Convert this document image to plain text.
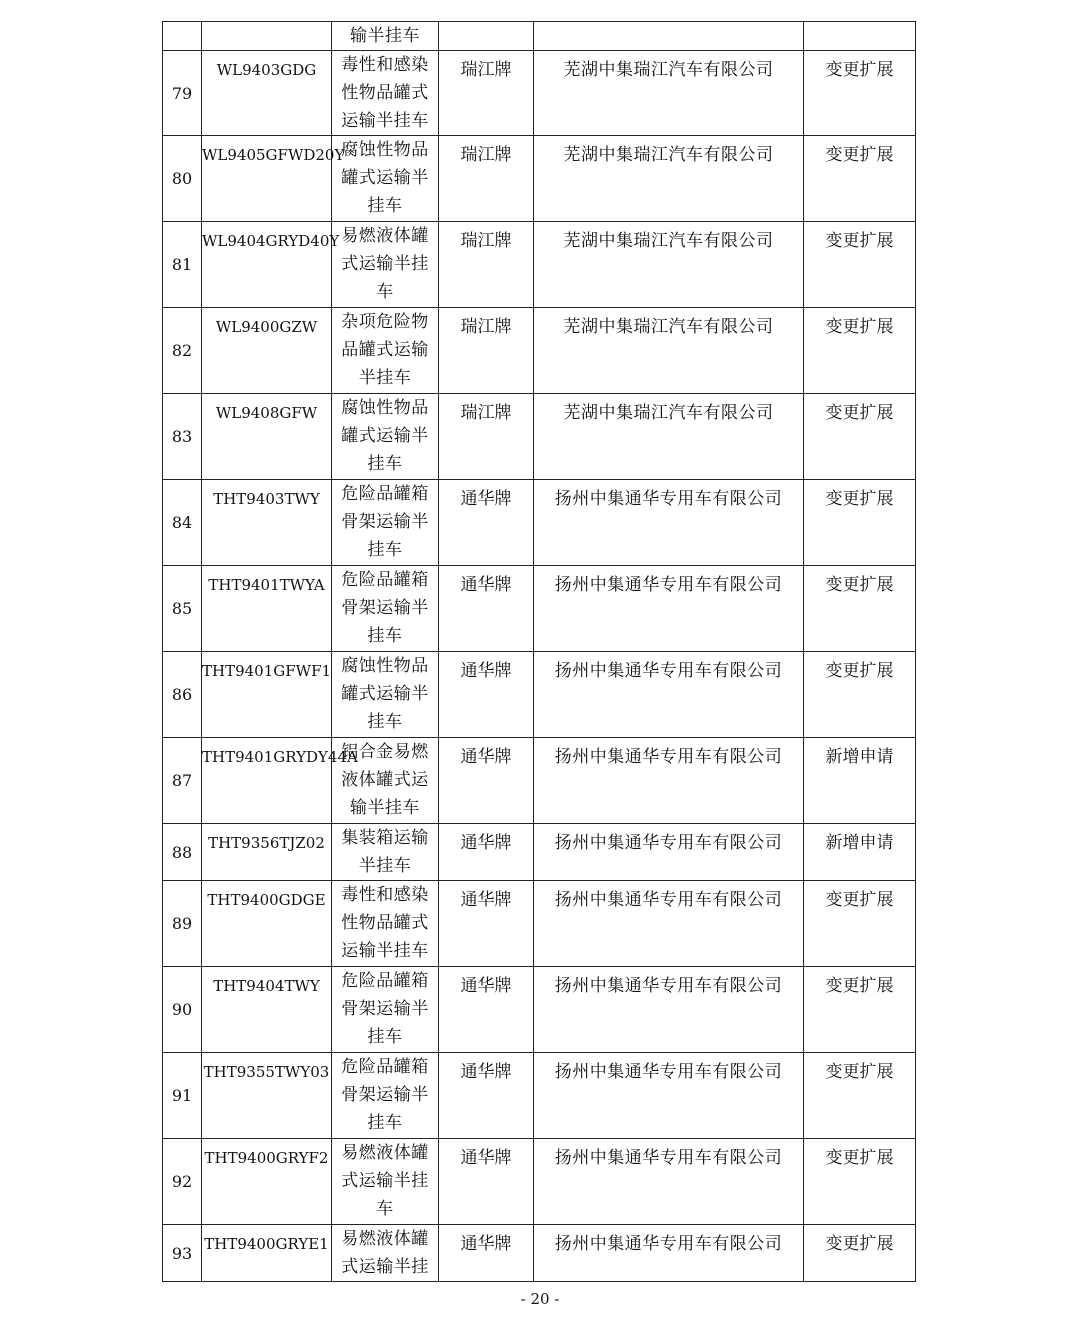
		输半挂车			
79	WL9403GDG	毒性和感染性物品罐式运输半挂车	瑞江牌	芜湖中集瑞江汽车有限公司	变更扩展
80	WL9405GFWD20Y	腐蚀性物品罐式运输半挂车	瑞江牌	芜湖中集瑞江汽车有限公司	变更扩展
81	WL9404GRYD40Y	易燃液体罐式运输半挂车	瑞江牌	芜湖中集瑞江汽车有限公司	变更扩展
82	WL9400GZW	杂项危险物品罐式运输半挂车	瑞江牌	芜湖中集瑞江汽车有限公司	变更扩展
83	WL9408GFW	腐蚀性物品罐式运输半挂车	瑞江牌	芜湖中集瑞江汽车有限公司	变更扩展
84	THT9403TWY	危险品罐箱骨架运输半挂车	通华牌	扬州中集通华专用车有限公司	变更扩展
85	THT9401TWYA	危险品罐箱骨架运输半挂车	通华牌	扬州中集通华专用车有限公司	变更扩展
86	THT9401GFWF1	腐蚀性物品罐式运输半挂车	通华牌	扬州中集通华专用车有限公司	变更扩展
87	THT9401GRYDY44A	铝合金易燃液体罐式运输半挂车	通华牌	扬州中集通华专用车有限公司	新增申请
88	THT9356TJZ02	集装箱运输半挂车	通华牌	扬州中集通华专用车有限公司	新增申请
89	THT9400GDGE	毒性和感染性物品罐式运输半挂车	通华牌	扬州中集通华专用车有限公司	变更扩展
90	THT9404TWY	危险品罐箱骨架运输半挂车	通华牌	扬州中集通华专用车有限公司	变更扩展
91	THT9355TWY03	危险品罐箱骨架运输半挂车	通华牌	扬州中集通华专用车有限公司	变更扩展
92	THT9400GRYF2	易燃液体罐式运输半挂车	通华牌	扬州中集通华专用车有限公司	变更扩展
93	THT9400GRYE1	易燃液体罐式运输半挂	通华牌	扬州中集通华专用车有限公司	变更扩展
- 20 -
